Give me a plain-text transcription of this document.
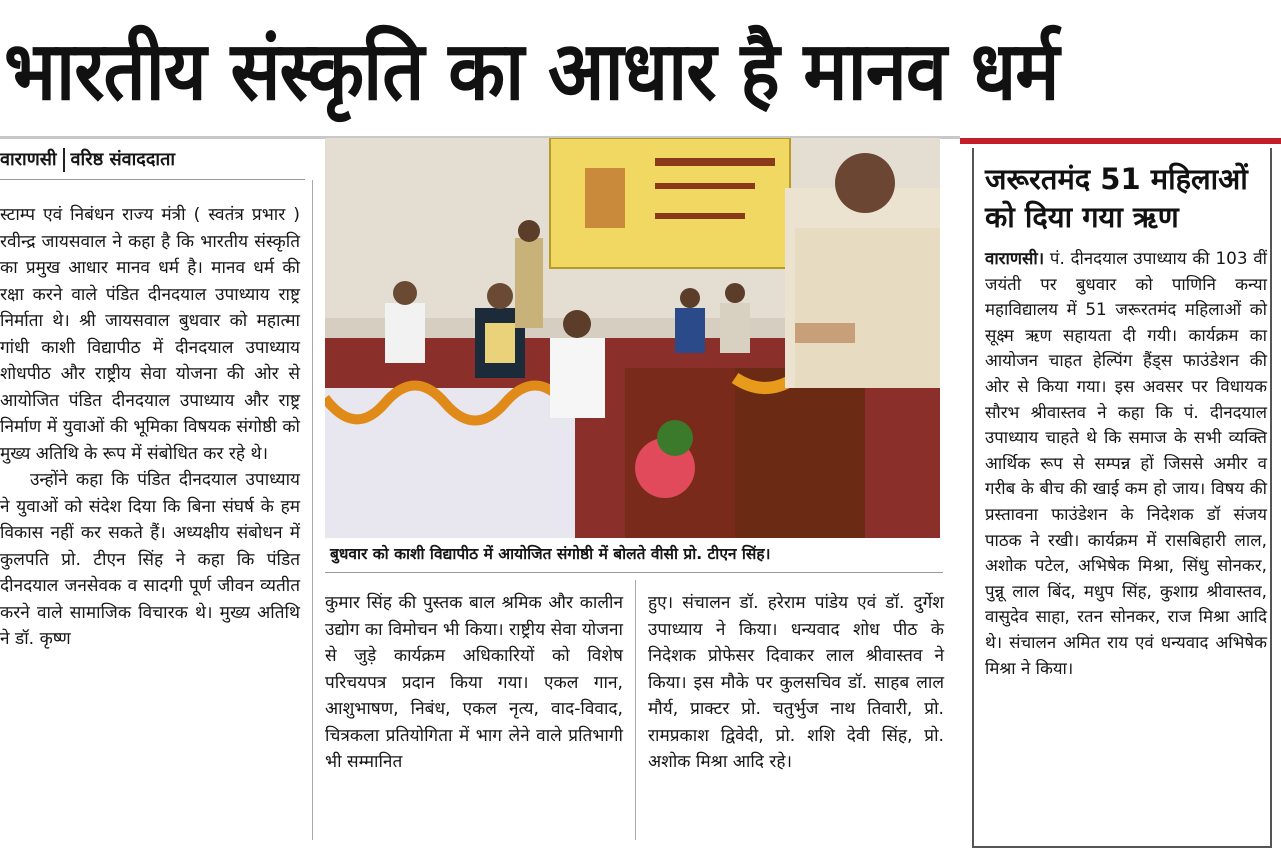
भारतीय संस्कृति का आधार है मानव धर्म
वाराणसी वरिष्ठ संवाददाता

स्टाम्प एवं निबंधन राज्य मंत्री ( स्वतंत्र प्रभार ) रवीन्द्र जायसवाल ने कहा है कि भारतीय संस्कृति का प्रमुख आधार मानव धर्म है। मानव धर्म की रक्षा करने वाले पंडित दीनदयाल उपाध्याय राष्ट्र निर्माता थे। श्री जायसवाल बुधवार को महात्मा गांधी काशी विद्यापीठ में दीनदयाल उपाध्याय शोधपीठ और राष्ट्रीय सेवा योजना की ओर से आयोजित पंडित दीनदयाल उपाध्याय और राष्ट्र निर्माण में युवाओं की भूमिका विषयक संगोष्ठी को मुख्य अतिथि के रूप में संबोधित कर रहे थे।

उन्होंने कहा कि पंडित दीनदयाल उपाध्याय ने युवाओं को संदेश दिया कि बिना संघर्ष के हम विकास नहीं कर सकते हैं। अध्यक्षीय संबोधन में कुलपति प्रो. टीएन सिंह ने कहा कि पंडित दीनदयाल जनसेवक व सादगी पूर्ण जीवन व्यतीत करने वाले सामाजिक विचारक थे। मुख्य अतिथि ने डॉ. कृष्ण

बुधवार को काशी विद्यापीठ में आयोजित संगोष्ठी में बोलते वीसी प्रो. टीएन सिंह।

कुमार सिंह की पुस्तक बाल श्रमिक और कालीन उद्योग का विमोचन भी किया। राष्ट्रीय सेवा योजना से जुड़े कार्यक्रम अधिकारियों को विशेष परिचयपत्र प्रदान किया गया। एकल गान, आशुभाषण, निबंध, एकल नृत्य, वाद-विवाद, चित्रकला प्रतियोगिता में भाग लेने वाले प्रतिभागी भी सम्मानित

हुए। संचालन डॉ. हरेराम पांडेय एवं डॉ. दुर्गेश उपाध्याय ने किया। धन्यवाद शोध पीठ के निदेशक प्रोफेसर दिवाकर लाल श्रीवास्तव ने किया। इस मौके पर कुलसचिव डॉ. साहब लाल मौर्य, प्राक्टर प्रो. चतुर्भुज नाथ तिवारी, प्रो. रामप्रकाश द्विवेदी, प्रो. शशि देवी सिंह, प्रो. अशोक मिश्रा आदि रहे।

जरूरतमंद 51 महिलाओं को दिया गया ऋण

वाराणसी। पं. दीनदयाल उपाध्याय की 103 वीं जयंती पर बुधवार को पाणिनि कन्या महाविद्यालय में 51 जरूरतमंद महिलाओं को सूक्ष्म ऋण सहायता दी गयी। कार्यक्रम का आयोजन चाहत हेल्पिंग हैंड्स फाउंडेशन की ओर से किया गया। इस अवसर पर विधायक सौरभ श्रीवास्तव ने कहा कि पं. दीनदयाल उपाध्याय चाहते थे कि समाज के सभी व्यक्ति आर्थिक रूप से सम्पन्न हों जिससे अमीर व गरीब के बीच की खाई कम हो जाय। विषय की प्रस्तावना फाउंडेशन के निदेशक डॉ संजय पाठक ने रखी। कार्यक्रम में रासबिहारी लाल, अशोक पटेल, अभिषेक मिश्रा, सिंधु सोनकर, पुन्नू लाल बिंद, मधुप सिंह, कुशाग्र श्रीवास्तव, वासुदेव साहा, रतन सोनकर, राज मिश्रा आदि थे। संचालन अमित राय एवं धन्यवाद अभिषेक मिश्रा ने किया।
